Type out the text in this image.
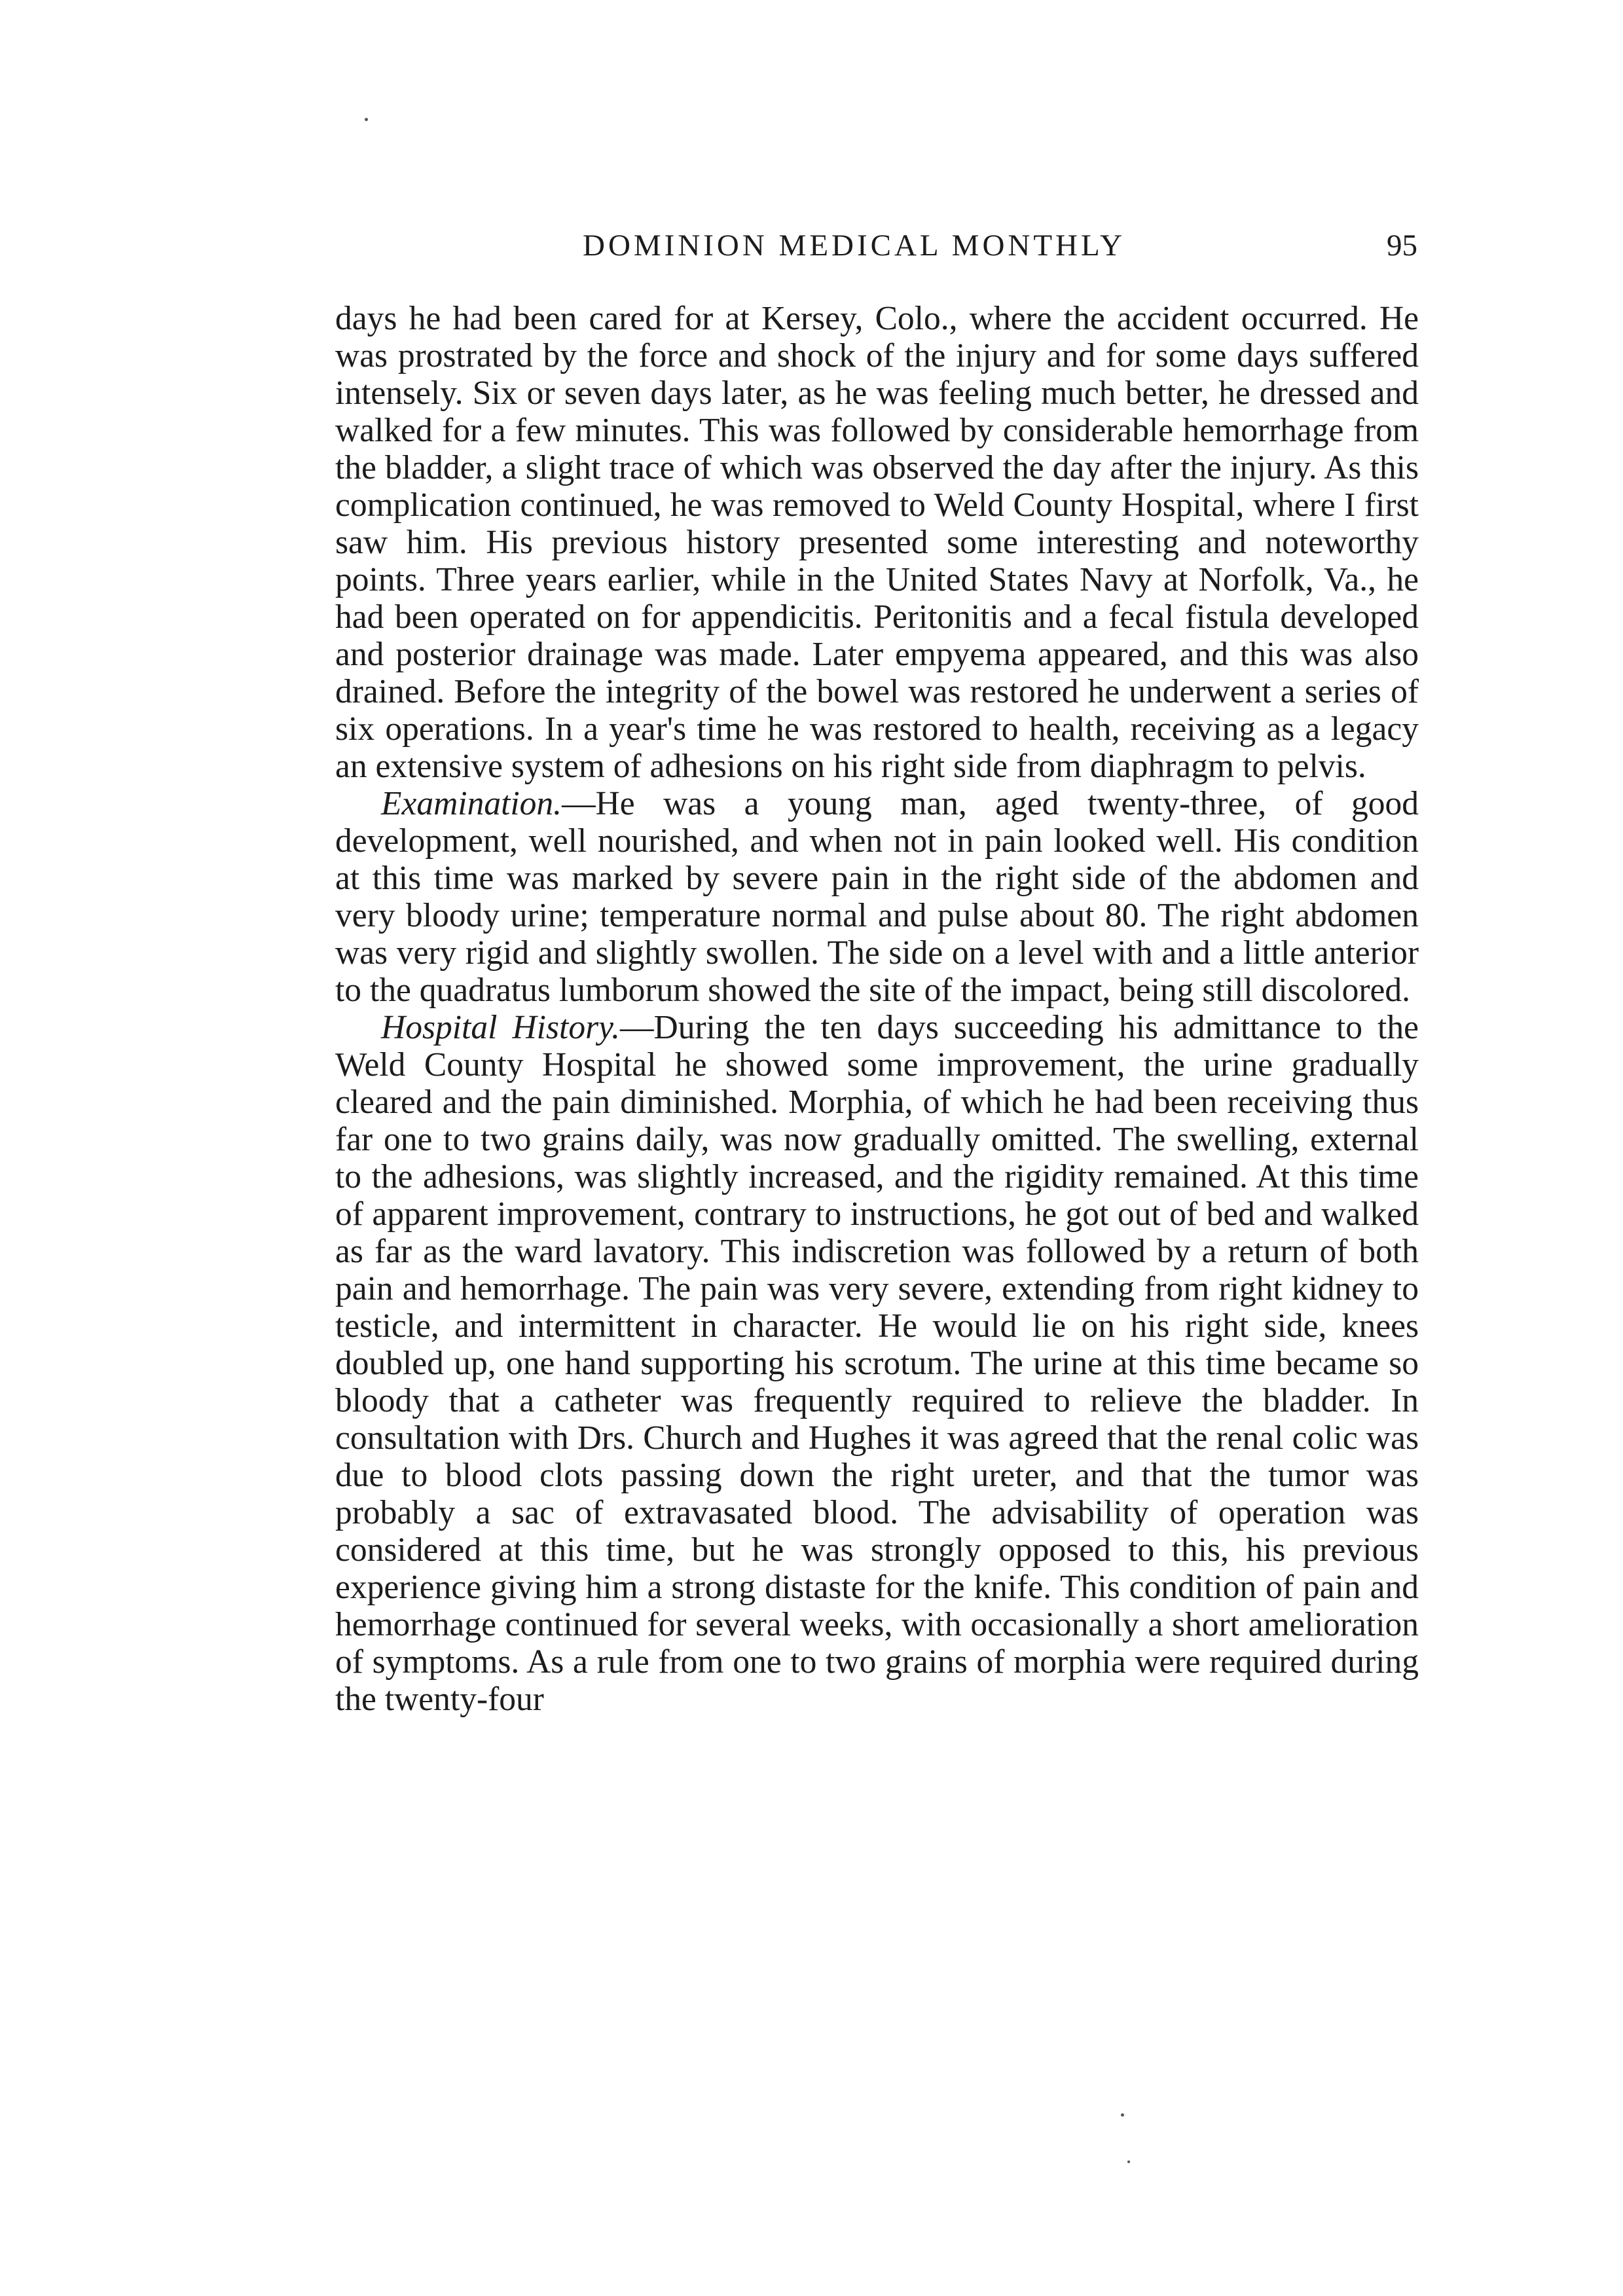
DOMINION MEDICAL MONTHLY	95

days he had been cared for at Kersey, Colo., where the accident occurred. He was prostrated by the force and shock of the injury and for some days suffered intensely. Six or seven days later, as he was feeling much better, he dressed and walked for a few minutes. This was followed by considerable hemorrhage from the bladder, a slight trace of which was observed the day after the injury. As this complication continued, he was removed to Weld County Hospital, where I first saw him. His previous history presented some interesting and noteworthy points. Three years earlier, while in the United States Navy at Norfolk, Va., he had been operated on for appendicitis. Peritonitis and a fecal fistula developed and posterior drainage was made. Later empyema appeared, and this was also drained. Before the integrity of the bowel was restored he underwent a series of six operations. In a year's time he was restored to health, receiving as a legacy an extensive system of adhesions on his right side from diaphragm to pelvis.

Examination.—He was a young man, aged twenty-three, of good development, well nourished, and when not in pain looked well. His condition at this time was marked by severe pain in the right side of the abdomen and very bloody urine; temperature normal and pulse about 80. The right abdomen was very rigid and slightly swollen. The side on a level with and a little anterior to the quadratus lumborum showed the site of the impact, being still discolored.

Hospital History.—During the ten days succeeding his admittance to the Weld County Hospital he showed some improvement, the urine gradually cleared and the pain diminished. Morphia, of which he had been receiving thus far one to two grains daily, was now gradually omitted. The swelling, external to the adhesions, was slightly increased, and the rigidity remained. At this time of apparent improvement, contrary to instructions, he got out of bed and walked as far as the ward lavatory. This indiscretion was followed by a return of both pain and hemorrhage. The pain was very severe, extending from right kidney to testicle, and intermittent in character. He would lie on his right side, knees doubled up, one hand supporting his scrotum. The urine at this time became so bloody that a catheter was frequently required to relieve the bladder. In consultation with Drs. Church and Hughes it was agreed that the renal colic was due to blood clots passing down the right ureter, and that the tumor was probably a sac of extravasated blood. The advisability of operation was considered at this time, but he was strongly opposed to this, his previous experience giving him a strong distaste for the knife. This condition of pain and hemorrhage continued for several weeks, with occasionally a short amelioration of symptoms. As a rule from one to two grains of morphia were required during the twenty-four
